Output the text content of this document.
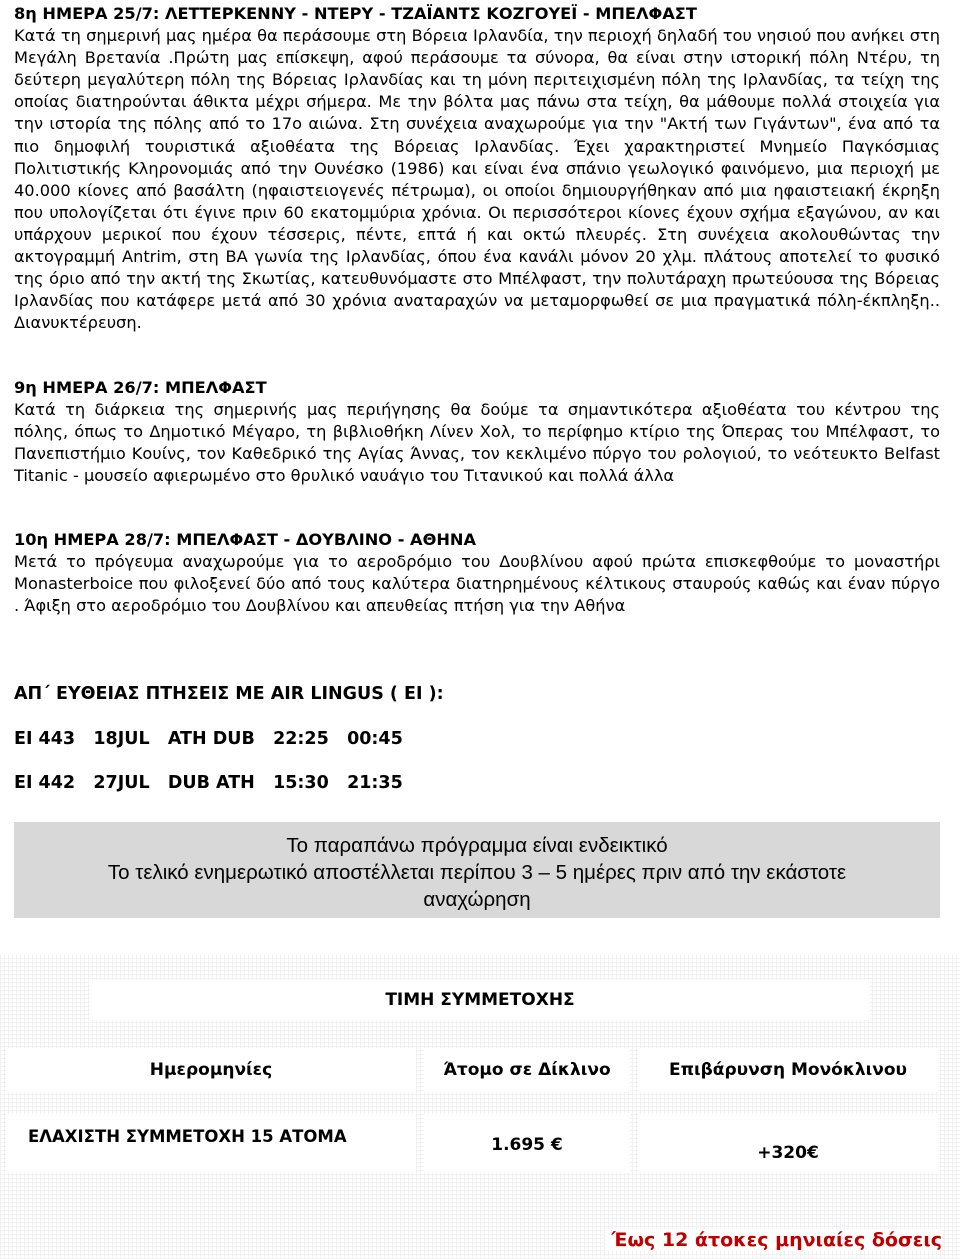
8η ΗΜΕΡΑ 25/7: ΛΕΤΤΕΡΚΕΝΝΥ - ΝΤΕΡΥ - ΤΖΑΪΑΝΤΣ ΚΟΖΓΟΥΕΪ - ΜΠΕΛΦΑΣΤ
Κατά τη σημερινή μας ημέρα θα περάσουμε στη Βόρεια Ιρλανδία, την περιοχή δηλαδή του νησιού που ανήκει στη Μεγάλη Βρετανία .Πρώτη μας επίσκεψη, αφού περάσουμε τα σύνορα, θα είναι στην ιστορική πόλη Ντέρυ, τη δεύτερη μεγαλύτερη πόλη της Βόρειας Ιρλανδίας και τη μόνη περιτειχισμένη πόλη της Ιρλανδίας, τα τείχη της οποίας διατηρούνται άθικτα μέχρι σήμερα. Με την βόλτα μας πάνω στα τείχη, θα μάθουμε πολλά στοιχεία για την ιστορία της πόλης από το 17ο αιώνα. Στη συνέχεια αναχωρούμε για την "Ακτή των Γιγάντων", ένα από τα πιο δημοφιλή τουριστικά αξιοθέατα της Βόρειας Ιρλανδίας. Έχει χαρακτηριστεί Μνημείο Παγκόσμιας Πολιτιστικής Κληρονομιάς από την Ουνέσκο (1986) και είναι ένα σπάνιο γεωλογικό φαινόμενο, μια περιοχή με 40.000 κίονες από βασάλτη (ηφαιστειογενές πέτρωμα), οι οποίοι δημιουργήθηκαν από μια ηφαιστειακή έκρηξη που υπολογίζεται ότι έγινε πριν 60 εκατομμύρια χρόνια. Οι περισσότεροι κίονες έχουν σχήμα εξαγώνου, αν και υπάρχουν μερικοί που έχουν τέσσερις, πέντε, επτά ή και οκτώ πλευρές. Στη συνέχεια ακολουθώντας την ακτογραμμή Antrim, στη ΒΑ γωνία της Ιρλανδίας, όπου ένα κανάλι μόνον 20 χλμ. πλάτους αποτελεί το φυσικό της όριο από την ακτή της Σκωτίας, κατευθυνόμαστε στο Μπέλφαστ, την πολυτάραχη πρωτεύουσα της Βόρειας Ιρλανδίας που κατάφερε μετά από 30 χρόνια αναταραχών να μεταμορφωθεί σε μια πραγματικά πόλη-έκπληξη.. Διανυκτέρευση.
9η ΗΜΕΡΑ 26/7: ΜΠΕΛΦΑΣΤ
Κατά τη διάρκεια της σημερινής μας περιήγησης θα δούμε τα σημαντικότερα αξιοθέατα του κέντρου της πόλης, όπως το Δημοτικό Μέγαρο, τη βιβλιοθήκη Λίνεν Χολ, το περίφημο κτίριο της Όπερας του Μπέλφαστ, το Πανεπιστήμιο Κουίνς, τον Καθεδρικό της Αγίας Άννας, τον κεκλιμένο πύργο του ρολογιού, το νεότευκτο Belfast Titanic - μουσείο αφιερωμένο στο θρυλικό ναυάγιο του Τιτανικού και πολλά άλλα
10η ΗΜΕΡΑ 28/7: ΜΠΕΛΦΑΣΤ - ΔΟΥΒΛΙΝΟ - ΑΘΗΝΑ
Μετά το πρόγευμα αναχωρούμε για το αεροδρόμιο του Δουβλίνου αφού πρώτα επισκεφθούμε το μοναστήρι Monasterboice που φιλοξενεί δύο από τους καλύτερα διατηρημένους κέλτικους σταυρούς καθώς και έναν πύργο . Άφιξη στο αεροδρόμιο του Δουβλίνου και απευθείας πτήση για την Αθήνα
ΑΠ΄ ΕΥΘΕΙΑΣ ΠΤΗΣΕΙΣ ΜΕ AIR LINGUS ( EI ):
EI 443   18JUL   ATH DUB   22:25   00:45
EI 442   27JUL   DUB ATH   15:30   21:35
Το παραπάνω πρόγραμμα είναι ενδεικτικό
Το τελικό ενημερωτικό αποστέλλεται περίπου 3 – 5 ημέρες πριν από την εκάστοτε
αναχώρηση
ΤΙΜΗ ΣΥΜΜΕΤΟΧΗΣ
Ημερομηνίες	Άτομο σε Δίκλινο	Επιβάρυνση Μονόκλινου
ΕΛΑΧΙΣΤΗ ΣΥΜΜΕΤΟΧΗ 15 ΑΤΟΜΑ	1.695 €	+320€
Έως 12 άτοκες μηνιαίες δόσεις
